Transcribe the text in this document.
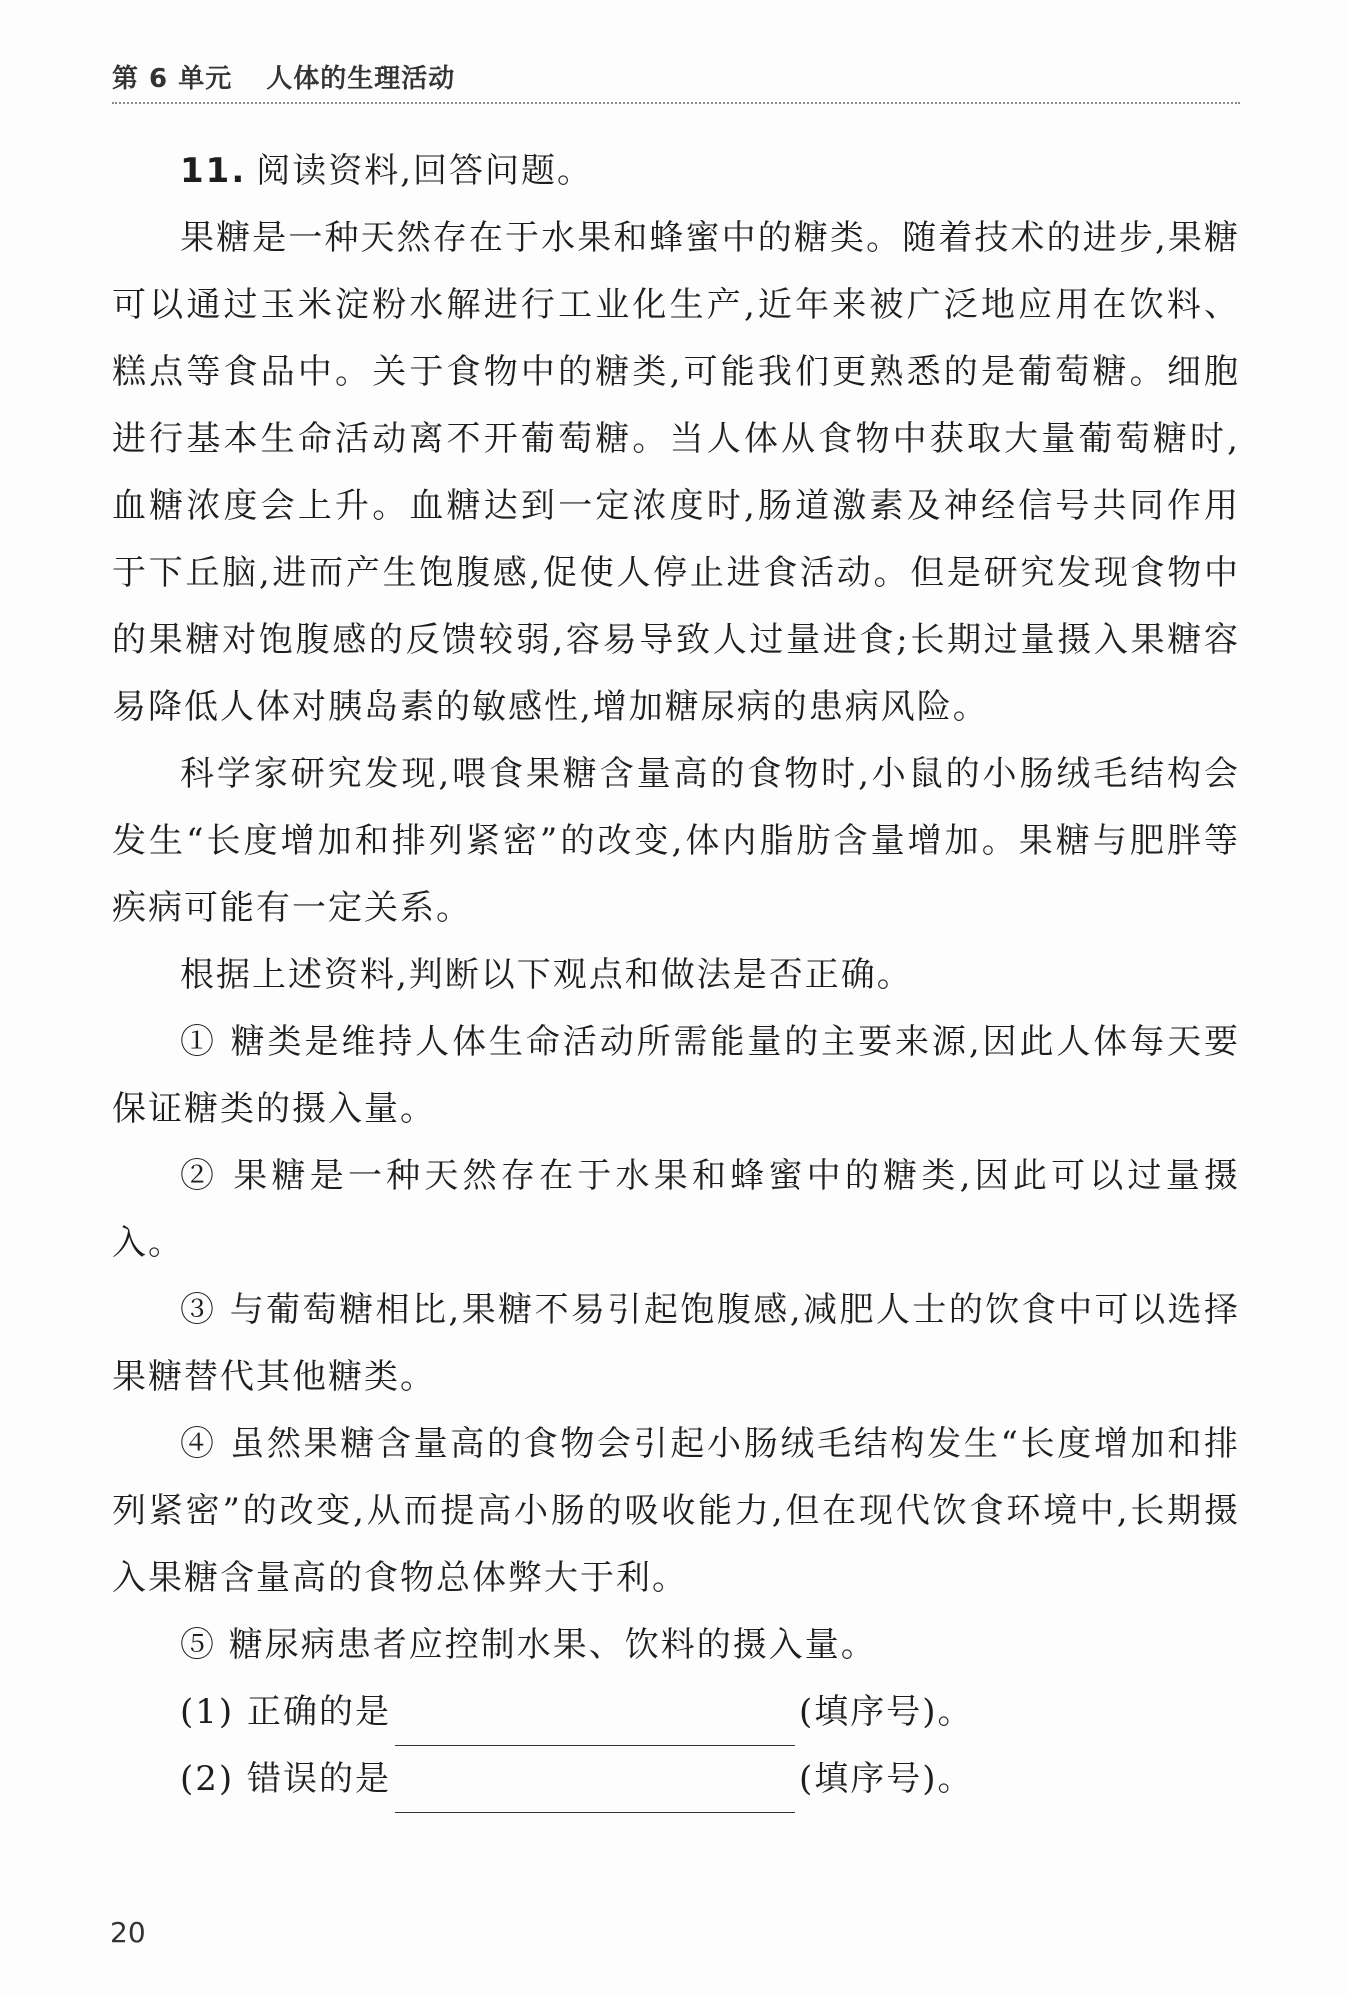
第 6 单元 人体的生理活动

11. 阅读资料,回答问题。

果糖是一种天然存在于水果和蜂蜜中的糖类。随着技术的进步,果糖可以通过玉米淀粉水解进行工业化生产,近年来被广泛地应用在饮料、糕点等食品中。关于食物中的糖类,可能我们更熟悉的是葡萄糖。细胞进行基本生命活动离不开葡萄糖。当人体从食物中获取大量葡萄糖时,血糖浓度会上升。血糖达到一定浓度时,肠道激素及神经信号共同作用于下丘脑,进而产生饱腹感,促使人停止进食活动。但是研究发现食物中的果糖对饱腹感的反馈较弱,容易导致人过量进食;长期过量摄入果糖容易降低人体对胰岛素的敏感性,增加糖尿病的患病风险。

科学家研究发现,喂食果糖含量高的食物时,小鼠的小肠绒毛结构会发生“长度增加和排列紧密”的改变,体内脂肪含量增加。果糖与肥胖等疾病可能有一定关系。

根据上述资料,判断以下观点和做法是否正确。

① 糖类是维持人体生命活动所需能量的主要来源,因此人体每天要保证糖类的摄入量。

② 果糖是一种天然存在于水果和蜂蜜中的糖类,因此可以过量摄入。

③ 与葡萄糖相比,果糖不易引起饱腹感,减肥人士的饮食中可以选择果糖替代其他糖类。

④ 虽然果糖含量高的食物会引起小肠绒毛结构发生“长度增加和排列紧密”的改变,从而提高小肠的吸收能力,但在现代饮食环境中,长期摄入果糖含量高的食物总体弊大于利。

⑤ 糖尿病患者应控制水果、饮料的摄入量。

(1) 正确的是	(填序号)。

(2) 错误的是	(填序号)。

20
